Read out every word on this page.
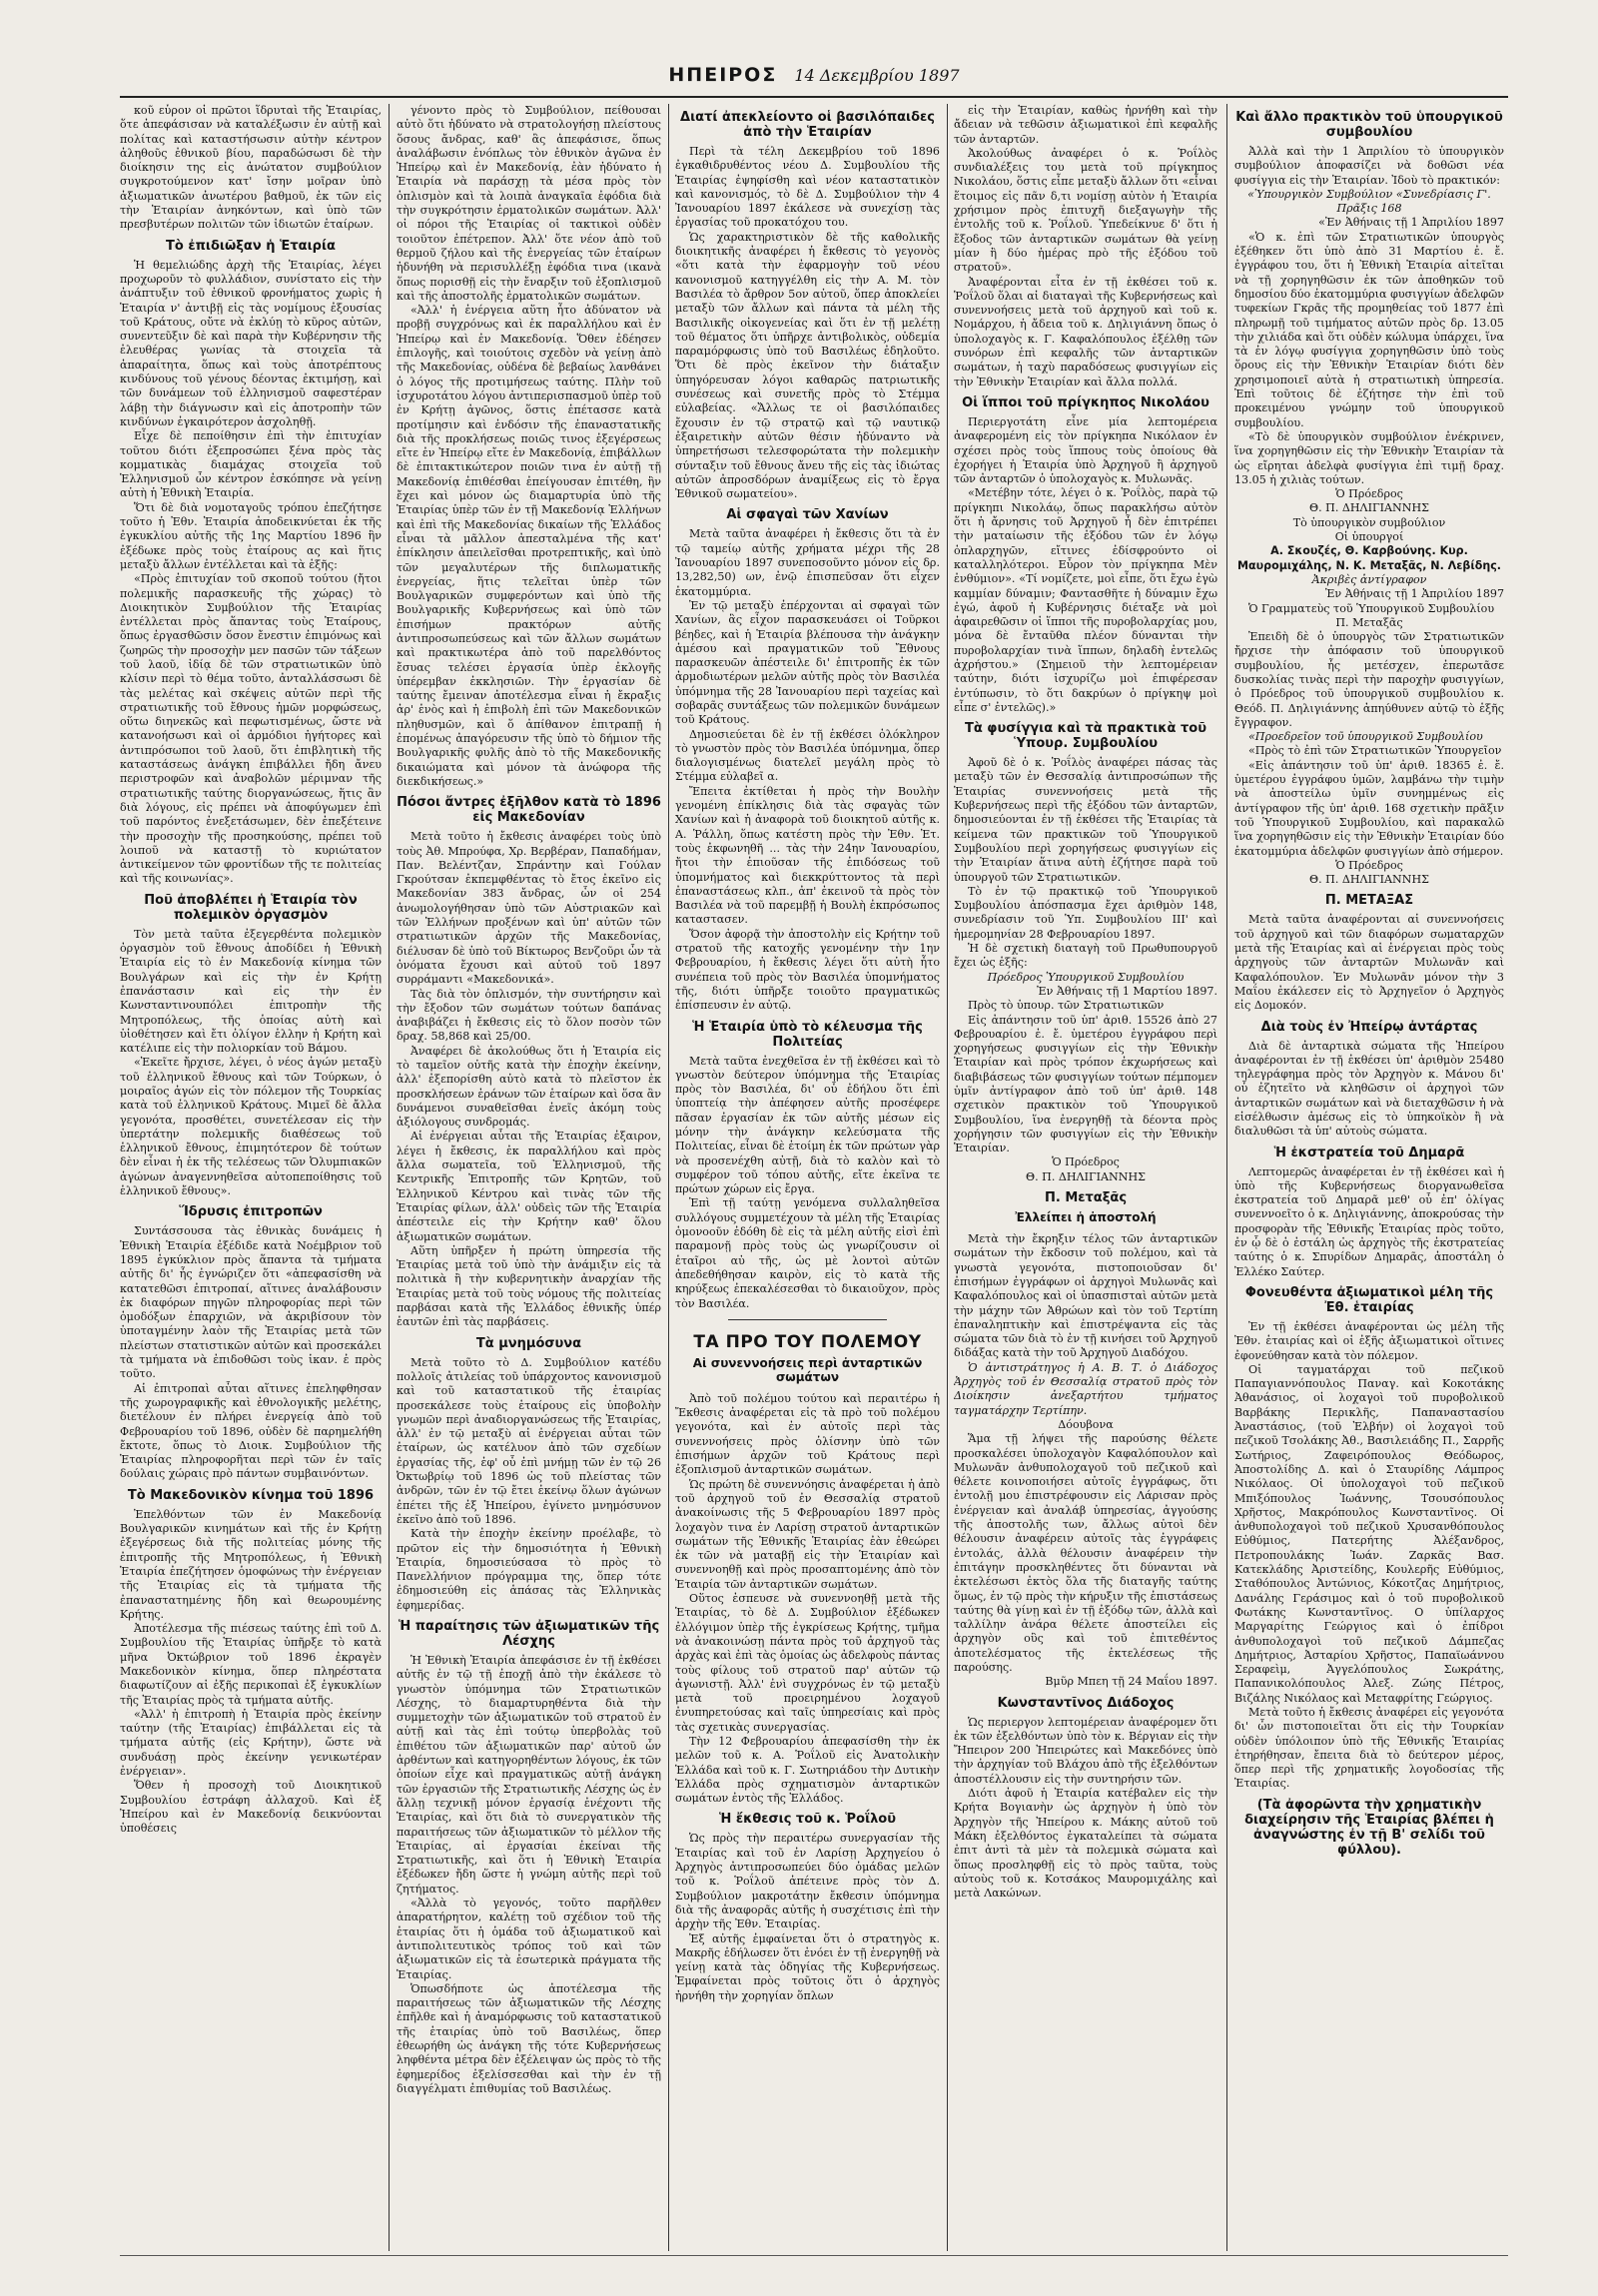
ΗΠΕΙΡΟΣ 14 Δεκεμβρίου 1897

κοῦ εὗρον οἱ πρῶτοι ἵδρυταὶ τῆς Ἑταιρίας, ὅτε ἀπεφάσισαν νὰ καταλέξωσιν ἐν αὐτῇ καὶ πολίτας καὶ καταστήσωσιν αὐτὴν κέντρον ἀληθοῦς ἐθνικοῦ βίου, παραδώσωσι δὲ τὴν διοίκησιν της εἰς ἀνώτατον συμβούλιον συγκροτούμενον κατ' ἴσην μοῖραν ὑπὸ ἀξιωματικῶν ἀνωτέρου βαθμοῦ, ἐκ τῶν εἰς τὴν Ἑταιρίαν ἀνηκόντων, καὶ ὑπὸ τῶν πρεσβυτέρων πολιτῶν τῶν ἰδιωτῶν ἑταίρων.

Τὸ ἐπιδιῶξαν ἡ Ἑταιρία

Ἡ θεμελιώδης ἀρχὴ τῆς Ἑταιρίας, λέγει προχωροῦν τὸ φυλλάδιον, συνίστατο εἰς τὴν ἀνάπτυξιν τοῦ ἐθνικοῦ φρονήματος χωρὶς ἡ Ἑταιρία ν' ἀντιβῇ εἰς τὰς νομίμους ἐξουσίας τοῦ Κράτους, οὔτε νὰ ἐκλύῃ τὸ κῦρος αὐτῶν, συνεντεῦξιν δὲ καὶ παρὰ τὴν Κυβέρνησιν τῆς ἐλευθέρας γωνίας τὰ στοιχεῖα τὰ ἀπαραίτητα, ὅπως καὶ τοὺς ἀποτρέπτους κινδύνους τοῦ γένους δέοντας ἐκτιμήσῃ, καὶ τῶν δυνάμεων τοῦ ἑλληνισμοῦ σαφεστέραν λάβῃ τὴν διάγνωσιν καὶ εἰς ἀποτροπὴν τῶν κινδύνων ἐγκαιρότερον ἀσχοληθῇ.

Εἶχε δὲ πεποίθησιν ἐπὶ τὴν ἐπιτυχίαν τοῦτου διότι ἐξεπροσώπει ξένα πρὸς τὰς κομματικὰς διαμάχας στοιχεῖα τοῦ Ἑλληνισμοῦ ὧν κέντρον ἐσκόπησε νὰ γείνῃ αὐτὴ ἡ Ἐθνικὴ Ἑταιρία.

Ὅτι δὲ διὰ νομοταγοῦς τρόπου ἐπεζήτησε τοῦτο ἡ Ἐθν. Ἑταιρία ἀποδεικνύεται ἐκ τῆς ἐγκυκλίου αὐτῆς τῆς 1ης Μαρτίου 1896 ἣν ἐξέδωκε πρὸς τοὺς ἑταίρους ας καὶ ἥτις μεταξὺ ἄλλων ἐντέλλεται καὶ τὰ ἑξῆς:

«Πρὸς ἐπιτυχίαν τοῦ σκοποῦ τούτου (ἤτοι πολεμικῆς παρασκευῆς τῆς χώρας) τὸ Διοικητικὸν Συμβούλιον τῆς Ἑταιρίας ἐντέλλεται πρὸς ἅπαντας τοὺς Ἑταίρους, ὅπως ἐργασθῶσιν ὅσον ἔνεστιν ἐπιμόνως καὶ ζωηρῶς τὴν προσοχὴν μεν πασῶν τῶν τάξεων τοῦ λαοῦ, ἰδίᾳ δὲ τῶν στρατιωτικῶν ὑπὸ κλίσιν περὶ τὸ θέμα τοῦτο, ἀνταλλάσσωσι δὲ τὰς μελέτας καὶ σκέψεις αὐτῶν περὶ τῆς στρατιωτικῆς τοῦ ἔθνους ἡμῶν μορφώσεως, οὕτω διηνεκῶς καὶ πεφωτισμένως, ὥστε νὰ κατανοήσωσι καὶ οἱ ἁρμόδιοι ἡγήτορες καὶ ἀντιπρόσωποι τοῦ λαοῦ, ὅτι ἐπιβλητικὴ τῆς καταστάσεως ἀνάγκη ἐπιβάλλει ἤδη ἄνευ περιστροφῶν καὶ ἀναβολῶν μέριμναν τῆς στρατιωτικῆς ταύτης διοργανώσεως, ἥτις ἂν διὰ λόγους, εἰς πρέπει νὰ ἀποφύγωμεν ἐπὶ τοῦ παρόντος ἐνεξετάσωμεν, δὲν ἐπεξέτεινε τὴν προσοχὴν τῆς προσηκούσης, πρέπει τοῦ λοιποῦ νὰ καταστῇ τὸ κυριώτατον ἀντικείμενον τῶν φροντίδων τῆς τε πολιτείας καὶ τῆς κοινωνίας».

Ποῦ ἀποβλέπει ἡ Ἑταιρία τὸν πολεμικὸν ὀργασμὸν

Τὸν μετὰ ταῦτα ἐξεγερθέντα πολεμικὸν ὀργασμὸν τοῦ ἔθνους ἀποδίδει ἡ Ἐθνικὴ Ἑταιρία εἰς τὸ ἐν Μακεδονίᾳ κίνημα τῶν Βουλγάρων καὶ εἰς τὴν ἐν Κρήτῃ ἐπανάστασιν καὶ εἰς τὴν ἐν Κωνσταντινουπόλει ἐπιτροπὴν τῆς Μητροπόλεως, τῆς ὁποίας αὐτὴ καὶ ὑἱοθέτησεν καὶ ἔτι ὀλίγον ἑλλην ἡ Κρήτη καὶ κατέλιπε εἰς τὴν πολιορκίαν τοῦ Βάμου.

«Ἐκεῖτε ἤρχισε, λέγει, ὁ νέος ἀγών μεταξὺ τοῦ ἑλληνικοῦ ἔθνους καὶ τῶν Τούρκων, ὁ μοιραῖος ἀγών εἰς τὸν πόλεμον τῆς Τουρκίας κατὰ τοῦ ἑλληνικοῦ Κράτους. Μιμεῖ δὲ ἄλλα γεγονότα, προσθέτει, συνετέλεσαν εἰς τὴν ὑπερτάτην πολεμικῆς διαθέσεως τοῦ ἑλληνικοῦ ἔθνους, ἐπιμητότερον δὲ τούτων δὲν εἶναι ἡ ἐκ τῆς τελέσεως τῶν Ὀλυμπιακῶν ἀγώνων ἀναγεννηθεῖσα αὐτοπεποίθησις τοῦ ἑλληνικοῦ ἔθνους».

Ἵδρυσις ἐπιτροπῶν

Συντάσσουσα τὰς ἐθνικὰς δυνάμεις ἡ Ἐθνικὴ Ἑταιρία ἐξέδιδε κατὰ Νοέμβριον τοῦ 1895 ἐγκύκλιον πρὸς ἅπαντα τὰ τμήματα αὐτῆς δι' ἧς ἐγνώριζεν ὅτι «ἀπεφασίσθη νὰ κατατεθῶσι ἐπιτροπαί, αἵτινες ἀναλάβουσιν ἐκ διαφόρων πηγῶν πληροφορίας περὶ τῶν ὁμοδόξων ἐπαρχιῶν, νὰ ἀκριβίσουν τὸν ὑποταγμένην λαὸν τῆς Ἑταιρίας μετὰ τῶν πλείστων στατιστικῶν αὐτῶν καὶ προσεκάλει τὰ τμήματα νὰ ἐπιδοθῶσι τοὺς ἱκαν. ἐ πρὸς τοῦτο.

Αἱ ἐπιτροπαὶ αὗται αἵτινες ἐπεληφθησαν τῆς χωρογραφικῆς καὶ ἐθνολογικῆς μελέτης, διετέλουν ἐν πλήρει ἐνεργείᾳ ἀπὸ τοῦ Φεβρουαρίου τοῦ 1896, οὐδὲν δὲ παρημελήθη ἔκτοτε, ὅπως τὸ Διοικ. Συμβούλιον τῆς Ἑταιρίας πληροφορῆται περὶ τῶν ἐν ταῖς δούλαις χώραις πρὸ πάντων συμβαινόντων.

Τὸ Μακεδονικὸν κίνημα τοῦ 1896

Ἐπελθόντων τῶν ἐν Μακεδονίᾳ Βουλγαρικῶν κινημάτων καὶ τῆς ἐν Κρήτῃ ἐξεγέρσεως διὰ τῆς πολιτείας μόνης τῆς ἐπιτροπῆς τῆς Μητροπόλεως, ἡ Ἐθνικὴ Ἑταιρία ἐπεζήτησεν ὁμοφώνως τὴν ἐνέργειαν τῆς Ἑταιρίας εἰς τὰ τμήματα τῆς ἐπαναστατημένης ἤδη καὶ θεωρουμένης Κρήτης.

Ἀποτέλεσμα τῆς πιέσεως ταύτης ἐπὶ τοῦ Δ. Συμβουλίου τῆς Ἑταιρίας ὑπῆρξε τὸ κατὰ μῆνα Ὀκτώβριον τοῦ 1896 ἐκραγὲν Μακεδονικὸν κίνημα, ὅπερ πληρέστατα διαφωτίζουν αἱ ἐξῆς περικοπαὶ ἐξ ἐγκυκλίων τῆς Ἑταιρίας πρὸς τὰ τμήματα αὐτῆς.

«Ἀλλ' ἡ ἐπιτροπὴ ἡ Ἑταιρία πρὸς ἐκείνην ταύτην (τῆς Ἑταιρίας) ἐπιβάλλεται εἰς τὰ τμήματα αὐτῆς (εἰς Κρήτην), ὥστε νὰ συνδυάσῃ πρὸς ἐκείνην γενικωτέραν ἐνέργειαν».

Ὅθεν ἡ προσοχὴ τοῦ Διοικητικοῦ Συμβουλίου ἐστράφη ἀλλαχοῦ. Καὶ ἐξ Ἠπείρου καὶ ἐν Μακεδονίᾳ δεικνύονται ὑποθέσεις

γένοντο πρὸς τὸ Συμβούλιον, πείθουσαι αὐτὸ ὅτι ἠδύνατο νὰ στρατολογήσῃ πλείστους ὅσους ἄνδρας, καθ' ἃς ἀπεφάσισε, ὅπως ἀναλάβωσιν ἐνόπλως τὸν ἐθνικὸν ἀγῶνα ἐν Ἠπείρῳ καὶ ἐν Μακεδονίᾳ, ἐὰν ἠδύνατο ἡ Ἑταιρία νὰ παράσχῃ τὰ μέσα πρὸς τὸν ὁπλισμὸν καὶ τὰ λοιπὰ ἀναγκαῖα ἐφόδια διὰ τὴν συγκρότησιν ἐρματολικῶν σωμάτων. Ἀλλ' οἱ πόροι τῆς Ἑταιρίας οἱ τακτικοὶ οὐδὲν τοιοῦτον ἐπέτρεπον. Ἀλλ' ὅτε νέον ἀπὸ τοῦ θερμοῦ ζήλου καὶ τῆς ἐνεργείας τῶν ἑταίρων ἡδυνήθη νὰ περισυλλέξῃ ἐφόδια τινα (ικανὰ ὅπως πορισθῇ εἰς τὴν ἔναρξιν τοῦ ἐξοπλισμοῦ καὶ τῆς ἀποστολῆς ἐρματολικῶν σωμάτων.

«Ἀλλ' ἡ ἐνέργεια αὕτη ἦτο ἀδύνατον νὰ προβῇ συγχρόνως καὶ ἐκ παραλλήλου καὶ ἐν Ἠπείρῳ καὶ ἐν Μακεδονίᾳ. Ὅθεν ἐδέησεν ἐπιλογῆς, καὶ τοιούτοις σχεδὸν νὰ γείνῃ ἀπὸ τῆς Μακεδονίας, οὐδένα δὲ βεβαίως λανθάνει ὁ λόγος τῆς προτιμήσεως ταύτης. Πλὴν τοῦ ἰσχυροτάτου λόγου ἀντιπερισπασμοῦ ὑπὲρ τοῦ ἐν Κρήτῃ ἀγῶνος, ὅστις ἐπέτασσε κατὰ προτίμησιν καὶ ἐνδόσιν τῆς ἐπαναστατικῆς διὰ τῆς προκλήσεως ποιῶς τινος ἐξεγέρσεως εἴτε ἐν Ἠπείρῳ εἴτε ἐν Μακεδονίᾳ, ἐπιβάλλων δὲ ἐπιτακτικώτερον ποιῶν τινα ἐν αὐτῇ τῇ Μακεδονίᾳ ἐπιθέσθαι ἐπείγουσαν ἐπιτέθη, ἣν ἔχει καὶ μόνον ὡς διαμαρτυρία ὑπὸ τῆς Ἑταιρίας ὑπὲρ τῶν ἐν τῇ Μακεδονίᾳ Ἑλλήνων καὶ ἐπὶ τῆς Μακεδονίας δικαίων τῆς Ἑλλάδος εἶναι τὰ μᾶλλον ἀπεσταλμένα τῆς κατ' ἐπίκλησιν ἀπειλεῖσθαι προτρεπτικῆς, καὶ ὑπὸ τῶν μεγαλυτέρων τῆς διπλωματικῆς ἐνεργείας, ἥτις τελεῖται ὑπὲρ τῶν Βουλγαρικῶν συμφερόντων καὶ ὑπὸ τῆς Βουλγαρικῆς Κυβερνήσεως καὶ ὑπὸ τῶν ἐπισήμων πρακτόρων αὐτῆς ἀντιπροσωπεύσεως καὶ τῶν ἄλλων σωμάτων καὶ πρακτικωτέρα ἀπὸ τοῦ παρελθόντος ἔσυας τελέσει ἐργασία ὑπὲρ ἐκλογῆς ὑπέρεμβαν ἐκκλησιῶν. Τὴν ἐργασίαν δὲ ταύτης ἔμειναν ἀποτέλεσμα εἶναι ἡ ἔκραξις ἀρ' ἑνὸς καὶ ἡ ἐπιβολὴ ἐπὶ τῶν Μακεδονικῶν πληθυσμῶν, καὶ ὅ ἀπίθανον ἐπιτραπῇ ἡ ἐπομένως ἀπαγόρευσιν τῆς ὑπὸ τὸ δήμιον τῆς Βουλγαρικῆς φυλῆς ἀπὸ τὸ τῆς Μακεδονικῆς δικαιώματα καὶ μόνον τὰ ἀνώφορα τῆς διεκδικήσεως.»

Πόσοι ἄντρες ἐξῆλθον κατὰ τὸ 1896 εἰς Μακεδονίαν

Μετὰ τοῦτο ἡ ἔκθεσις ἀναφέρει τοὺς ὑπὸ τοὺς Ἀθ. Μπρούφα, Χρ. Βερβέραν, Παπαδήμαν, Παν. Βελέντζαν, Σπράντην καὶ Γούλαν Γκρούτσαν ἐκπεμφθέντας τὸ ἔτος ἐκεῖνο εἰς Μακεδονίαν 383 ἄνδρας, ὧν οἱ 254 ἀνωμολογήθησαν ὑπὸ τῶν Αὐστριακῶν καὶ τῶν Ἑλλήνων προξένων καὶ ὑπ' αὐτῶν τῶν στρατιωτικῶν ἀρχῶν τῆς Μακεδονίας, διέλυσαν δὲ ὑπὸ τοῦ Βίκτωρος Βενζοῦρι ὧν τὰ ὀνόματα ἔχουσι καὶ αὐτοῦ τοῦ 1897 συρράμαντι «Μακεδονικά».

Τὰς διὰ τὸν ὁπλισμόν, τὴν συντήρησιν καὶ τὴν ἔξοδον τῶν σωμάτων τούτων δαπάνας ἀναβιβάζει ἡ ἔκθεσις εἰς τὸ ὅλον ποσὸν τῶν δραχ. 58,868 καὶ 25/00.

Ἀναφέρει δὲ ἀκολούθως ὅτι ἡ Ἑταιρία εἰς τὸ ταμεῖον οὐτῆς κατὰ τὴν ἐποχὴν ἐκείνην, ἀλλ' ἐξεπορίσθη αὐτὸ κατὰ τὸ πλεῖστον ἐκ προσκλήσεων ἐράνων τῶν ἑταίρων καὶ ὅσα ἂν δυνάμενοι συναθεῖσθαι ἐνεῖς ἀκόμη τοὺς ἀξιόλογους συνδρομάς.

Αἱ ἐνέργειαι αὗται τῆς Ἑταιρίας ἐξαιρον, λέγει ἡ ἔκθεσις, ἐκ παραλλήλου καὶ πρὸς ἄλλα σωματεῖα, τοῦ Ἑλληνισμοῦ, τῆς Κεντρικῆς Ἐπιτροπῆς τῶν Κρητῶν, τοῦ Ἑλληνικοῦ Κέντρου καὶ τινὰς τῶν τῆς Ἑταιρίας φίλων, ἀλλ' οὐδεὶς τῶν τῆς Ἑταιρία ἀπέστειλε εἰς τὴν Κρήτην καθ' ὅλου ἀξιωματικῶν σωμάτων.

Αὕτη ὑπῆρξεν ἡ πρώτη ὑπηρεσία τῆς Ἑταιρίας μετὰ τοῦ ὑπὸ τὴν ἀνάμιξιν εἰς τὰ πολιτικὰ ἢ τὴν κυβερνητικὴν ἀναρχίαν τῆς Ἑταιρίας μετὰ τοῦ τοὺς νόμους τῆς πολιτείας παρβάσαι κατὰ τῆς Ἑλλάδος ἐθνικῆς ὑπέρ ἑαυτῶν ἐπὶ τὰς παρβάσεις.

Τὰ μνημόσυνα

Μετὰ τοῦτο τὸ Δ. Συμβούλιον κατέδυ πολλοῖς ἀτιλείας τοῦ ὑπάρχοντος κανονισμοῦ καὶ τοῦ καταστατικοῦ τῆς ἑταιρίας προσεκάλεσε τοὺς ἑταίρους εἰς ὑποβολὴν γνωμῶν περὶ ἀναδιοργανώσεως τῆς Ἑταιρίας, ἀλλ' ἐν τῷ μεταξὺ αἱ ἐνέργειαι αὗται τῶν ἑταίρων, ὡς κατέλυον ἀπὸ τῶν σχεδίων ἐργασίας τῆς, ἐφ' οὗ ἐπὶ μνήμῃ τῶν ἐν τῷ 26 Ὀκτωβρίῳ τοῦ 1896 ὡς τοῦ πλείστας τῶν ἀνδρῶν, τῶν ἐν τῷ ἔτει ἐκείνῳ ὅλων ἀγώνων ἐπέτει τῆς ἐξ Ἠπείρου, ἐγίνετο μνημόσυνον ἐκεῖνο ἀπὸ τοῦ 1896.

Κατὰ τὴν ἐποχὴν ἐκείνην προέλαβε, τὸ πρῶτον εἰς τὴν δημοσιότητα ἡ Ἐθνικὴ Ἑταιρία, δημοσιεύσασα τὸ πρὸς τὸ Πανελλήνιον πρόγραμμα της, ὅπερ τότε ἐδημοσιεύθη εἰς ἁπάσας τὰς Ἑλληνικὰς ἐφημερίδας.

Ἡ παραίτησις τῶν ἀξιωματικῶν τῆς Λέσχης

Ἡ Ἐθνικὴ Ἑταιρία ἀπεφάσισε ἐν τῇ ἐκθέσει αὐτῆς ἐν τῷ τῇ ἐποχῇ ἀπὸ τὴν ἐκάλεσε τὸ γνωστὸν ὑπόμνημα τῶν Στρατιωτικῶν Λέσχης, τὸ διαμαρτυρηθέντα διὰ τὴν συμμετοχὴν τῶν ἀξιωματικῶν τοῦ στρατοῦ ἐν αὐτῇ καὶ τὰς ἐπὶ τούτῳ ὑπερβολὰς τοῦ ἐπιθέτου τῶν ἀξιωματικῶν παρ' αὐτοῦ ὧν ἀρθέντων καὶ κατηγορηθέντων λόγους, ἐκ τῶν ὁποίων εἶχε καὶ πραγματικῶς αὐτῇ ἀνάγκη τῶν ἐργασιῶν τῆς Στρατιωτικῆς Λέσχης ὡς ἐν ἄλλῃ τεχνικῇ μόνον ἐργασίᾳ ἐνέχοντι τῆς Ἑταιρίας, καὶ ὅτι διὰ τὸ συνεργατικὸν τῆς παραιτήσεως τῶν ἀξιωματικῶν τὸ μέλλον τῆς Ἑταιρίας, αἱ ἐργασίαι ἐκείναι τῆς Στρατιωτικῆς, καὶ ὅτι ἡ Ἐθνικὴ Ἑταιρία ἐξέδωκεν ἤδη ὥστε ἡ γνώμη αὐτῆς περὶ τοῦ ζητήματος.

«Ἀλλὰ τὸ γεγονός, τοῦτο παρῆλθεν ἀπαρατήρητον, καλέτῃ τοῦ σχέδιον τοῦ τῆς ἑταιρίας ὅτι ἡ ὁμάδα τοῦ ἀξιωματικοῦ καὶ ἀντιπολιτευτικὸς τρόπος τοῦ καὶ τῶν ἀξιωματικῶν εἰς τὰ ἐσωτερικὰ πράγματα τῆς Ἑταιρίας.

Ὁπωσδήποτε ὡς ἀποτέλεσμα τῆς παραιτήσεως τῶν ἀξιωματικῶν τῆς Λέσχης ἐπῆλθε καὶ ἡ ἀναμόρφωσις τοῦ καταστατικοῦ τῆς ἑταιρίας ὑπὸ τοῦ Βασιλέως, ὅπερ ἐθεωρήθη ὡς ἀνάγκη τῆς τότε Κυβερνήσεως ληφθέντα μέτρα δὲν ἐξέλειψαν ὡς πρὸς τὸ τῆς ἐφημερίδος ἐξελίσσεσθαι καὶ τὴν ἐν τῇ διαγγέλματι ἐπιθυμίας τοῦ Βασιλέως.

Διατί ἀπεκλείοντο οἱ βασιλόπαιδες ἀπὸ τὴν Ἑταιρίαν

Περὶ τὰ τέλη Δεκεμβρίου τοῦ 1896 ἐγκαθιδρυθέντος νέου Δ. Συμβουλίου τῆς Ἑταιρίας ἐψηφίσθη καὶ νέον καταστατικὸν καὶ κανονισμός, τὸ δὲ Δ. Συμβούλιον τὴν 4 Ἰανουαρίου 1897 ἐκάλεσε νὰ συνεχίσῃ τὰς ἐργασίας τοῦ προκατόχου του.

Ὡς χαρακτηριστικὸν δὲ τῆς καθολικῆς διοικητικῆς ἀναφέρει ἡ ἔκθεσις τὸ γεγονὸς «ὅτι κατὰ τὴν ἐφαρμογὴν τοῦ νέου κανονισμοῦ κατηγγέλθη εἰς τὴν Α. Μ. τὸν Βασιλέα τὸ ἄρθρον 5ον αὐτοῦ, ὅπερ ἀποκλείει μεταξὺ τῶν ἄλλων καὶ πάντα τὰ μέλη τῆς Βασιλικῆς οἰκογενείας καὶ ὅτι ἐν τῇ μελέτῃ τοῦ θέματος ὅτι ὑπῆρχε ἀντιβολικὸς, οὐδεμία παραμόρφωσις ὑπὸ τοῦ Βασιλέως ἐδηλοῦτο. Ὅτι δὲ πρὸς ἐκεῖνον τὴν διάταξιν ὑπηγόρευσαν λόγοι καθαρῶς πατριωτικῆς συνέσεως καὶ συνετῆς πρὸς τὸ Στέμμα εὐλαβείας. «Ἄλλως τε οἱ βασιλόπαιδες ἔχουσιν ἐν τῷ στρατῷ καὶ τῷ ναυτικῷ ἐξαιρετικὴν αὐτῶν θέσιν ἠδύναντο νὰ ὑπηρετήσωσι τελεσφορώτατα τὴν πολεμικὴν σύνταξιν τοῦ ἔθνους ἄνευ τῆς εἰς τὰς ἰδιώτας αὐτῶν ἀπροσδόρων ἀναμίξεως εἰς τὸ ἔργα Ἐθνικοῦ σωματείου».

Αἱ σφαγαὶ τῶν Χανίων

Μετὰ ταῦτα ἀναφέρει ἡ ἔκθεσις ὅτι τὰ ἐν τῷ ταμείῳ αὐτῆς χρήματα μέχρι τῆς 28 Ἰανουαρίου 1897 συνεποσοῦντο μόνον εἰς δρ. 13,282,50) ων, ἐνῷ ἐπισπεῦσαν ὅτι εἶχεν ἑκατομμύρια.

Ἐν τῷ μεταξὺ ἐπέρχονται αἱ σφαγαὶ τῶν Χανίων, ἃς εἶχον παρασκευάσει οἱ Τοῦρκοι βέηδες, καὶ ἡ Ἑταιρία βλέπουσα τὴν ἀνάγκην ἀμέσου καὶ πραγματικῶν τοῦ Ἔθνους παρασκευῶν ἀπέστειλε δι' ἐπιτροπῆς ἐκ τῶν ἀρμοδιωτέρων μελῶν αὐτῆς πρὸς τὸν Βασιλέα ὑπόμνημα τῆς 28 Ἰανουαρίου περὶ ταχείας καὶ σοβαρᾶς συντάξεως τῶν πολεμικῶν δυνάμεων τοῦ Κράτους.

Δημοσιεύεται δὲ ἐν τῇ ἐκθέσει ὁλόκληρον τὸ γνωστὸν πρὸς τὸν Βασιλέα ὑπόμνημα, ὅπερ διαλογισμένως διατελεῖ μεγάλη πρὸς τὸ Στέμμα εὐλαβεῖ α.

Ἔπειτα ἐκτίθεται ἡ πρὸς τὴν Βουλὴν γενομένη ἐπίκλησις διὰ τὰς σφαγὰς τῶν Χανίων καὶ ἡ ἀναφορὰ τοῦ διοικητοῦ αὐτῆς κ. Α. Ῥάλλη, ὅπως κατέστη πρὸς τὴν Ἐθν. Ἐτ. τοὺς ἐκφωνηθῆ ... τὰς τὴν 24ην Ἰανουαρίου, ἤτοι τὴν ἐπιοῦσαν τῆς ἐπιδόσεως τοῦ ὑπομνήματος καὶ διεκκρύττοντος τὰ περὶ ἐπαναστάσεως κλπ., ἀπ' ἐκεινοῦ τὰ πρὸς τὸν Βασιλέα νὰ τοῦ παρεμβῇ ἡ Βουλὴ ἐκπρόσωπος καταστασεν.

Ὅσον ἀφορᾷ τὴν ἀποστολὴν εἰς Κρήτην τοῦ στρατοῦ τῆς κατοχῆς γενομένην τὴν 1ην Φεβρουαρίου, ἡ ἔκθεσις λέγει ὅτι αὐτὴ ἦτο συνέπεια τοῦ πρὸς τὸν Βασιλέα ὑπομνήματος τῆς, διότι ὑπῆρξε τοιοῦτο πραγματικῶς ἐπίσπευσιν ἐν αὐτῷ.

Ἡ Ἑταιρία ὑπὸ τὸ κέλευσμα τῆς Πολιτείας

Μετὰ ταῦτα ἐνεχθεῖσα ἐν τῇ ἐκθέσει καὶ τὸ γνωστὸν δεύτερον ὑπόμνημα τῆς Ἑταιρίας πρὸς τὸν Βασιλέα, δι' οὗ ἐδήλου ὅτι ἐπὶ ὑποπτείᾳ τὴν ἀπέφησεν αὐτῆς προσέφερε πᾶσαν ἐργασίαν ἐκ τῶν αὐτῆς μέσων εἰς μόνην τὴν ἀνάγκην κελεύσματα τῆς Πολιτείας, εἶναι δὲ ἐτοίμη ἐκ τῶν πρώτων γὰρ νὰ προσενέχθη αὐτῇ, διὰ τὸ καλὸν καὶ τὸ συμφέρον τοῦ τόπου αὐτῆς, εἴτε ἐκεῖνα τε πρώτων χώρων εἰς ἔργα.

Ἐπὶ τῇ ταύτῃ γενόμενα συλλαληθεῖσα συλλόγους συμμετέχουν τὰ μέλη τῆς Ἑταιρίας ὁμονοοῦν ἐδόθη δὲ εἰς τὰ μέλη αὐτῆς εἰσὶ ἐπὶ παραμονῇ πρὸς τοὺς ὡς γνωρίζουσιν οἱ ἑταῖροι αὐ τῆς, ὡς μὲ λοντοὶ αὐτῶν ἀπεδεθήθησαν καιρὸν, εἰς τὸ κατὰ τῆς κηρύξεως ἐπεκαλέσεσθαι τὸ δικαιοῦχον, πρὸς τὸν Βασιλέα.

ΤΑ ΠΡΟ ΤΟΥ ΠΟΛΕΜΟΥ
Αἱ συνεννοήσεις περὶ ἀνταρτικῶν σωμάτων

Ἀπὸ τοῦ πολέμου τούτου καὶ περαιτέρω ἡ Ἔκθεσις ἀναφέρεται εἰς τὰ πρὸ τοῦ πολέμου γεγονότα, καὶ ἐν αὐτοῖς περὶ τὰς συνεννοήσεις πρὸς ὁλίσνην ὑπὸ τῶν ἐπισήμων ἀρχῶν τοῦ Κράτους περὶ ἐξοπλισμοῦ ἀνταρτικῶν σωμάτων.

Ὡς πρώτη δὲ συνεννόησις ἀναφέρεται ἡ ἀπὸ τοῦ ἀρχηγοῦ τοῦ ἐν Θεσσαλίᾳ στρατοῦ ἀνακοίνωσις τῆς 5 Φεβρουαρίου 1897 πρὸς λοχαγὸν τινα ἐν Λαρίσῃ στρατοῦ ἀνταρτικῶν σωμάτων τῆς Ἐθνικῆς Ἑταιρίας ἐὰν ἐθεώρει ἐκ τῶν νὰ ματαβῇ εἰς τὴν Ἑταιρίαν καὶ συνεννοηθῇ καὶ πρὸς προσαπτομένης ἀπὸ τὸν Ἑταιρία τῶν ἀνταρτικῶν σωμάτων.

Οὕτος ἐσπευσε νὰ συνεννοηθῇ μετὰ τῆς Ἑταιρίας, τὸ δὲ Δ. Συμβούλιον ἐξέδωκεν ἐλλόγιμον ὑπὲρ τῆς ἐγκρίσεως Κρήτης, τμῆμα νὰ ἀνακοινώσῃ πάντα πρὸς τοῦ ἀρχηγοῦ τὰς ἀρχὰς καὶ ἐπὶ τὰς ὁμοίας ὡς ἀδελφοὺς πάντας τοὺς φίλους τοῦ στρατοῦ παρ' αὐτῶν τῷ ἀγωνιστῇ. Ἀλλ' ἐνὶ συγχρόνως ἐν τῷ μεταξὺ μετὰ τοῦ προειρημένου λοχαγοῦ ἐνυπηρετούσας καὶ ταῖς ὑπηρεσίαις καὶ πρὸς τὰς σχετικὰς συνεργασίας.

Τὴν 12 Φεβρουαρίου ἀπεφασίσθη τὴν ἐκ μελῶν τοῦ κ. Α. Ῥοΐλοῦ εἰς Ἀνατολικὴν Ἑλλάδα καὶ τοῦ κ. Γ. Σωτηριάδου τὴν Δυτικὴν Ἑλλάδα πρὸς σχηματισμὸν ἀνταρτικῶν σωμάτων ἐντὸς τῆς Ἑλλάδος.

Ἡ ἔκθεσις τοῦ κ. Ῥοΐλοῦ

Ὡς πρὸς τὴν περαιτέρω συνεργασίαν τῆς Ἑταιρίας καὶ τοῦ ἐν Λαρίσῃ Ἀρχηγείου ὁ Ἀρχηγὸς ἀντιπροσωπεύει δύο ὁμάδας μελῶν τοῦ κ. Ῥοΐλοῦ ἀπέτεινε πρὸς τὸν Δ. Συμβούλιον μακροτάτην ἔκθεσιν ὑπόμνημα διὰ τῆς ἀναφορᾶς αὐτῆς ἡ συσχέτισις ἐπὶ τὴν ἀρχὴν τῆς Ἐθν. Ἑταιρίας.

Ἐξ αὐτῆς ἐμφαίνεται ὅτι ὁ στρατηγὸς κ. Μακρῆς ἐδήλωσεν ὅτι ἐνόει ἐν τῇ ἐνεργηθῇ νὰ γείνῃ κατὰ τὰς ὁδηγίας τῆς Κυβερνήσεως. Ἐμφαίνεται πρὸς τοῦτοις ὅτι ὁ ἀρχηγὸς ἠρνήθη τὴν χορηγίαν ὅπλων

εἰς τὴν Ἑταιρίαν, καθὼς ἠρνήθη καὶ τὴν ἄδειαν νὰ τεθῶσιν ἀξιωματικοὶ ἐπὶ κεφαλῆς τῶν ἀνταρτῶν.

Ἀκολούθως ἀναφέρει ὁ κ. Ῥοΐλὸς συνδιαλέξεις του μετὰ τοῦ πρίγκηπος Νικολάου, ὅστις εἶπε μεταξὺ ἄλλων ὅτι «εἶναι ἕτοιμος εἰς πᾶν δ,τι νομίσῃ αὐτὸν ἡ Ἑταιρία χρήσιμον πρὸς ἐπιτυχῆ διεξαγωγὴν τῆς ἐντολῆς τοῦ κ. Ῥοΐλοῦ. Ὑπεδείκνυε δ' ὅτι ἡ ἔξοδος τῶν ἀνταρτικῶν σωμάτων θὰ γείνῃ μίαν ἢ δύο ἡμέρας πρὸ τῆς ἐξόδου τοῦ στρατοῦ».

Ἀναφέρονται εἶτα ἐν τῇ ἐκθέσει τοῦ κ. Ῥοΐλοῦ ὅλαι αἱ διαταγαὶ τῆς Κυβερνήσεως καὶ συνεννοήσεις μετὰ τοῦ ἀρχηγοῦ καὶ τοῦ κ. Νομάρχου, ἡ ἄδεια τοῦ κ. Δηλιγιάννη ὅπως ὁ ὑπολοχαγὸς κ. Γ. Καφαλόπουλος ἐξέλθῃ τῶν συνόρων ἐπὶ κεφαλῆς τῶν ἀνταρτικῶν σωμάτων, ἡ ταχὺ παραδόσεως φυσιγγίων εἰς τὴν Ἐθνικὴν Ἑταιρίαν καὶ ἄλλα πολλά.

Οἱ ἵπποι τοῦ πρίγκηπος Νικολάου

Περιεργοτάτη εἶνε μία λεπτομέρεια ἀναφερομένη εἰς τὸν πρίγκηπα Νικόλαον ἐν σχέσει πρὸς τοὺς ἵππους τοὺς ὁποίους θὰ ἐχορήγει ἡ Ἑταιρία ὑπὸ Ἀρχηγοῦ ἢ ἀρχηγοῦ τῶν ἀνταρτῶν ὁ ὑπολοχαγὸς κ. Μυλωνᾶς.

«Μετέβην τότε, λέγει ὁ κ. Ῥοΐλὸς, παρὰ τῷ πρίγκηπι Νικολάῳ, ὅπως παρακλήσω αὐτὸν ὅτι ἡ ἄρνησις τοῦ Ἀρχηγοῦ ἦ δὲν ἐπιτρέπει τὴν ματαίωσιν τῆς ἐξόδου τῶν ἐν λόγῳ ὁπλαρχηγῶν, εἴτινες ἐδίσφρούντο οἱ καταλληλότεροι. Εὗρον τὸν πρίγκηπα Μὲν ἐνθύμιον». «Τί νομίζετε, μοὶ εἶπε, ὅτι ἔχω ἐγὼ καμμίαν δύναμιν; Φαντασθῆτε ἡ δύναμιν ἔχω ἐγώ, ἀφοῦ ἡ Κυβέρνησις διέταξε νὰ μοὶ ἀφαιρεθῶσιν οἱ ἵπποι τῆς πυροβολαρχίας μου, μόνα δὲ ἔνταῦθα πλέον δύνανται τὴν πυροβολαρχίαν τινὰ ἵππων, δηλαδὴ ἐντελῶς ἀχρήστου.» (Σημειοῦ τὴν λεπτομέρειαν ταύτην, διότι ἰσχυρίζω μοὶ ἐπιφέρεσαν ἐντύπωσιν, τὸ ὅτι δακρύων ὁ πρίγκηψ μοὶ εἶπε σ' ἐντελῶς).»

Τὰ φυσίγγια καὶ τὰ πρακτικὰ τοῦ Ὑπουρ. Συμβουλίου

Ἀφοῦ δὲ ὁ κ. Ῥοΐλὸς ἀναφέρει πάσας τὰς μεταξὺ τῶν ἐν Θεσσαλίᾳ ἀντιπροσώπων τῆς Ἑταιρίας συνεννοήσεις μετὰ τῆς Κυβερνήσεως περὶ τῆς ἐξόδου τῶν ἀνταρτῶν, δημοσιεύονται ἐν τῇ ἐκθέσει τῆς Ἑταιρίας τὰ κείμενα τῶν πρακτικῶν τοῦ Ὑπουργικοῦ Συμβουλίου περὶ χορηγήσεως φυσιγγίων εἰς τὴν Ἑταιρίαν ἅτινα αὐτὴ ἐζήτησε παρὰ τοῦ ὑπουργοῦ τῶν Στρατιωτικῶν.

Τὸ ἐν τῷ πρακτικῷ τοῦ Ὑπουργικοῦ Συμβουλίου ἀπόσπασμα ἔχει ἀριθμὸν 148, συνεδρίασιν τοῦ Ὑπ. Συμβουλίου ΙΙΙ' καὶ ἡμερομηνίαν 28 Φεβρουαρίου 1897.

Ἡ δὲ σχετικὴ διαταγὴ τοῦ Πρωθυπουργοῦ ἔχει ὡς ἑξῆς:

Πρόεδρος Ὑπουργικοῦ Συμβουλίου

Ἐν Ἀθήναις τῇ 1 Μαρτίου 1897.

Πρὸς τὸ ὑπουρ. τῶν Στρατιωτικῶν

Εἰς ἀπάντησιν τοῦ ὑπ' ἀριθ. 15526 ἀπὸ 27 Φεβρουαρίου ἐ. ἔ. ὑμετέρου ἐγγράφου περὶ χορηγήσεως φυσιγγίων εἰς τὴν Ἐθνικὴν Ἑταιρίαν καὶ πρὸς τρόπον ἐκχωρήσεως καὶ διαβιβάσεως τῶν φυσιγγίων τούτων πέμπομεν ὑμῖν ἀντίγραφον ἀπὸ τοῦ ὑπ' ἀριθ. 148 σχετικὸν πρακτικὸν τοῦ Ὑπουργικοῦ Συμβουλίου, ἵνα ἐνεργηθῇ τὰ δέοντα πρὸς χορήγησιν τῶν φυσιγγίων εἰς τὴν Ἐθνικὴν Ἑταιρίαν.

Ὁ Πρόεδρος

Θ. Π. ΔΗΛΙΓΙΑΝΝΗΣ

Π. Μεταξᾶς
Ἐλλείπει ἡ ἀποστολή

Μετὰ τὴν ἔκρηξιν τέλος τῶν ἀνταρτικῶν σωμάτων τὴν ἔκδοσιν τοῦ πολέμου, καὶ τὰ γνωστὰ γεγονότα, πιστοποιοῦσαν δι' ἐπισήμων ἐγγράφων οἱ ἀρχηγοὶ Μυλωνᾶς καὶ Καφαλόπουλος καὶ οἱ ὑπασπισταὶ αὐτῶν μετὰ τὴν μάχην τῶν Ἀθρώων καὶ τὸν τοῦ Τερτίπη ἐπαναληπτικὴν καὶ ἐπιστρέψαντα εἰς τὰς σώματα τῶν διὰ τὸ ἐν τῇ κινήσει τοῦ Ἀρχηγοῦ διδάξας κατὰ τὴν τοῦ Ἀρχηγοῦ Διαδόχου.

Ὁ ἀντιστράτηγος ἡ Α. Β. Τ. ὁ Διάδοχος Ἀρχηγὸς τοῦ ἐν Θεσσαλίᾳ στρατοῦ πρὸς τὸν Διοίκησιν ἀνεξαρτήτου τμήματος ταγματάρχην Τερτίπην.

Δόουβονα

Ἅμα τῇ λήψει τῆς παρούσης θέλετε προσκαλέσει ὑπολοχαγὸν Καφαλόπουλον καὶ Μυλωνᾶν ἀνθυπολοχαγοῦ τοῦ πεζικοῦ καὶ θέλετε κοινοποιήσει αὐτοῖς ἐγγράφως, ὅτι ἐντολῇ μου ἐπιστρέφουσιν εἰς Λάρισαν πρὸς ἐνέργειαν καὶ ἀναλάβ ὑπηρεσίας, ἀγγούσης τῆς ἀποστολῆς των, ἄλλως αὐτοὶ δὲν θέλουσιν ἀναφέρειν αὐτοῖς τὰς ἐγγράφεις ἐντολάς, ἀλλὰ θέλουσιν ἀναφέρειν τὴν ἐπιτάγην προσκληθέντες ὅτι δύνανται νὰ ἐκτελέσωσι ἐκτὸς ὅλα τῆς διαταγῆς ταύτης ὅμως, ἐν τῷ πρὸς τὴν κήρυξιν τῆς ἐπιστάσεως ταύτης θὰ γίνῃ καὶ ἐν τῇ ἐξόδῳ τῶν, ἀλλὰ καὶ ταλλίλην ἀνάρα θέλετε ἀποστείλει εἰς ἀρχηγὸν οὓς καὶ τοῦ ἐπιτεθέντος ἀποτελέσματος τῆς ἐκτελέσεως τῆς παρούσης.

Βμῦρ Μπεη τῇ 24 Μαΐου 1897.

Κωνσταντῖνος Διάδοχος

Ὡς περιεργον λεπτομέρειαν ἀναφέρομεν ὅτι ἐκ τῶν ἐξελθόντων ὑπὸ τὸν κ. Βέργιαν εἰς τὴν Ἤπειρον 200 Ἠπειρώτες καὶ Μακεδόνες ὑπὸ τὴν ἀρχηγίαν τοῦ Βλάχου ἀπὸ τῆς ἐξελθόντων ἀποστέλλουσιν εἰς τὴν συντηρήσιν τῶν.

Διότι ἀφοῦ ἡ Ἑταιρία κατέβαλεν εἰς τὴν Κρήτα Βογιανὴν ὡς ἀρχηγὸν ἡ ὑπὸ τὸν Ἀρχηγὸν τῆς Ἠπείρου κ. Μάκης αὐτοῦ τοῦ Μάκη ἐξελθόντος ἐγκαταλείπει τὰ σώματα ἐπιτ ἀντὶ τὰ μὲν τὰ πολεμικὰ σώματα καὶ ὅπως προσληφθῇ εἰς τὸ πρὸς ταῦτα, τοὺς αὐτοὺς τοῦ κ. Κοτσάκος Μαυρομιχάλης καὶ μετὰ Λακώνων.

Καὶ ἄλλο πρακτικὸν τοῦ ὑπουργικοῦ συμβουλίου

Ἀλλὰ καὶ τὴν 1 Ἀπριλίου τὸ ὑπουργικὸν συμβούλιον ἀποφασίζει νὰ δοθῶσι νέα φυσίγγια εἰς τὴν Ἑταιρίαν. Ἰδοὺ τὸ πρακτικόν:

«Ὑπουργικὸν Συμβούλιον «Συνεδρίασις Γ'. Πρᾶξις 168

«Ἐν Ἀθήναις τῇ 1 Ἀπριλίου 1897

«Ὁ κ. ἐπὶ τῶν Στρατιωτικῶν ὑπουργὸς ἐξέθηκεν ὅτι ὑπὸ ἀπὸ 31 Μαρτίου ἐ. ἔ. ἐγγράφου του, ὅτι ἡ Ἐθνικὴ Ἑταιρία αἰτεῖται νὰ τῇ χορηγηθῶσιν ἐκ τῶν ἀποθηκῶν τοῦ δημοσίου δύο ἑκατομμύρια φυσιγγίων ἀδελφῶν τυφεκίων Γκρᾶς τῆς προμηθείας τοῦ 1877 ἐπὶ πληρωμῇ τοῦ τιμήματος αὐτῶν πρὸς δρ. 13.05 τὴν χιλιάδα καὶ ὅτι οὐδὲν κώλυμα ὑπάρχει, ἵνα τὰ ἐν λόγῳ φυσίγγια χορηγηθῶσιν ὑπὸ τοὺς ὅρους εἰς τὴν Ἐθνικὴν Ἑταιρίαν διότι δὲν χρησιμοποιεῖ αὐτὰ ἡ στρατιωτικὴ ὑπηρεσία. Ἐπὶ τοῦτοις δὲ ἐζήτησε τὴν ἐπὶ τοῦ προκειμένου γνώμην τοῦ ὑπουργικοῦ συμβουλίου.

«Τὸ δὲ ὑπουργικὸν συμβούλιον ἐνέκρινεν, ἵνα χορηγηθῶσιν εἰς τὴν Ἐθνικὴν Ἑταιρίαν τὰ ὡς εἴρηται ἀδελφὰ φυσίγγια ἐπὶ τιμῇ δραχ. 13.05 ἡ χιλιὰς τούτων.

Ὁ Πρόεδρος

Θ. Π. ΔΗΛΙΓΙΑΝΝΗΣ

Τὸ ὑπουργικὸν συμβούλιον

Οἱ ὑπουργοί

Α. Σκουζές, Θ. Καρβούνης. Κυρ. Μαυρομιχάλης, Ν. Κ. Μεταξᾶς, Ν. Λεβίδης.

Ἀκριβὲς ἀντίγραφον

Ἐν Ἀθήναις τῇ 1 Ἀπριλίου 1897

Ὁ Γραμματεὺς τοῦ Ὑπουργικοῦ Συμβουλίου

Π. Μεταξᾶς

Ἐπειδὴ δὲ ὁ ὑπουργὸς τῶν Στρατιωτικῶν ἤρχισε τὴν ἀπόφασιν τοῦ ὑπουργικοῦ συμβουλίου, ἧς μετέσχεν, ἐπερωτᾶσε δυσκολίας τινὰς περὶ τὴν παροχὴν φυσιγγίων, ὁ Πρόεδρος τοῦ ὑπουργικοῦ συμβουλίου κ. Θεόδ. Π. Δηλιγιάννης ἀπηύθυνεν αὐτῷ τὸ ἑξῆς ἔγγραφον.

«Προεδρεῖον τοῦ ὑπουργικοῦ Συμβουλίου

«Πρὸς τὸ ἐπὶ τῶν Στρατιωτικῶν Ὑπουργεῖον

«Εἰς ἀπάντησιν τοῦ ὑπ' ἀριθ. 18365 ἐ. ἔ. ὑμετέρου ἐγγράφου ὑμῶν, λαμβάνω τὴν τιμὴν νὰ ἀποστείλω ὑμῖν συνημμένως εἰς ἀντίγραφον τῆς ὑπ' ἀριθ. 168 σχετικὴν πρᾶξιν τοῦ Ὑπουργικοῦ Συμβουλίου, καὶ παρακαλῶ ἵνα χορηγηθῶσιν εἰς τὴν Ἐθνικὴν Ἑταιρίαν δύο ἑκατομμύρια ἀδελφῶν φυσιγγίων ἀπὸ σήμερον.

Ὁ Πρόεδρος

Θ. Π. ΔΗΛΙΓΙΑΝΝΗΣ

Π. ΜΕΤΑΞΑΣ

Μετὰ ταῦτα ἀναφέρονται αἱ συνεννοήσεις τοῦ ἀρχηγοῦ καὶ τῶν διαφόρων σωματαρχῶν μετὰ τῆς Ἑταιρίας καὶ αἱ ἐνέργειαι πρὸς τοὺς ἀρχηγοὺς τῶν ἀνταρτῶν Μυλωνᾶν καὶ Καφαλόπουλον. Ἐν Μυλωνᾶν μόνον τὴν 3 Μαΐου ἐκάλεσεν εἰς τὸ Ἀρχηγεῖον ὁ Ἀρχηγὸς εἰς Δομοκόν.

Διὰ τοὺς ἐν Ἠπείρῳ ἀντάρτας

Διὰ δὲ ἀνταρτικὰ σώματα τῆς Ἠπείρου ἀναφέρονται ἐν τῇ ἐκθέσει ὑπ' ἀριθμὸν 25480 τηλεγράφημα πρὸς τὸν Ἀρχηγὸν κ. Μάνου δι' οὗ ἐζητεῖτο νὰ κληθῶσιν οἱ ἀρχηγοὶ τῶν ἀνταρτικῶν σωμάτων καὶ νὰ διεταχθῶσιν ἡ νὰ εἰσέλθωσιν ἀμέσως εἰς τὸ ὑπηκοϊκὸν ἢ νὰ διαλυθῶσι τὰ ὑπ' αὐτοὺς σώματα.

Ἡ ἐκστρατεία τοῦ Δημαρᾶ

Λεπτομερῶς ἀναφέρεται ἐν τῇ ἐκθέσει καὶ ἡ ὑπὸ τῆς Κυβερνήσεως διοργανωθεῖσα ἐκστρατεία τοῦ Δημαρᾶ μεθ' οὗ ἐπ' ὀλίγας συνεννοεῖτο ὁ κ. Δηλιγιάννης, ἀποκρούσας τὴν προσφορὰν τῆς Ἐθνικῆς Ἑταιρίας πρὸς τοῦτο, ἐν ᾧ δὲ ὁ ἐστάλη ὡς ἀρχηγὸς τῆς ἐκστρατείας ταύτης ὁ κ. Σπυρίδων Δημαρᾶς, ἀποστάλη ὁ Ἐλλέκο Σαύτερ.

Φονευθέντα ἀξιωματικοὶ μέλη τῆς Ἐθ. ἑταιρίας

Ἐν τῇ ἐκθέσει ἀναφέρονται ὡς μέλη τῆς Ἐθν. ἑταιρίας καὶ οἱ ἐξῆς ἀξιωματικοὶ οἵτινες ἐφονεύθησαν κατὰ τὸν πόλεμον.

Οἱ ταγματάρχαι τοῦ πεζικοῦ Παπαγιαννόπουλος Παναγ. καὶ Κοκοτάκης Ἀθανάσιος, οἱ λοχαγοὶ τοῦ πυροβολικοῦ Βαρβάκης Περικλῆς, Παπαναστασίου Ἀναστάσιος, (τοῦ Ἐλβήν) οἱ λοχαγοὶ τοῦ πεζικοῦ Τσολάκης Ἀθ., Βασιλειάδης Π., Σαρρῆς Σωτήριος, Ζαφειρόπουλος Θεόδωρος, Ἀποστολίδης Δ. καὶ ὁ Σταυρίδης Λάμπρος Νικόλαος. Οἱ ὑπολοχαγοὶ τοῦ πεζικοῦ Μπιξόπουλος Ἰωάννης, Τσουσόπουλος Χρῆστος, Μακρόπουλος Κωνσταντῖνος. Οἱ ἀνθυπολοχαγοὶ τοῦ πεζικοῦ Χρυσανθόπουλος Εὐθύμιος, Πατερήτης Ἀλέξανδρος, Πετροπουλάκης Ἰωάν. Ζαρκᾶς Βασ. Κατεκλάδης Ἀριστείδης, Κουλερῆς Εὐθύμιος, Σταθόπουλος Ἀντώνιος, Κόκοτζας Δημήτριος, Δανάλης Γεράσιμος καὶ ὁ τοῦ πυροβολικοῦ Φωτάκης Κωνσταντῖνος. Ο ὑπίλαρχος Μαργαρίτης Γεώργιος καὶ ὁ ἐπίδροι ἀνθυπολοχαγοὶ τοῦ πεζικοῦ Δάμπεζας Δημήτριος, Ἀσταρίου Χρῆστος, Παπαϊωάννου Σεραφεὶμ, Ἀγγελόπουλος Σωκράτης, Παπανικολόπουλος Ἀλεξ. Ζώης Πέτρος, Βιζάλης Νικόλαος καὶ Μεταφρίτης Γεώργιος.

Μετὰ τοῦτο ἡ ἔκθεσις ἀναφέρει εἰς γεγονότα δι' ὧν πιστοποιεῖται ὅτι εἰς τὴν Τουρκίαν οὐδὲν ὑπόλοιπον ὑπὸ τῆς Ἐθνικῆς Ἑταιρίας ἐτηρήθησαν, ἔπειτα διὰ τὸ δεύτερον μέρος, ὅπερ περὶ τῆς χρηματικῆς λογοδοσίας τῆς Ἑταιρίας.

(Τὰ ἀφορῶντα τὴν χρηματικὴν διαχείρησιν τῆς Ἑταιρίας βλέπει ἡ ἀναγνώστης ἐν τῇ Β' σελίδι τοῦ φύλλου).
